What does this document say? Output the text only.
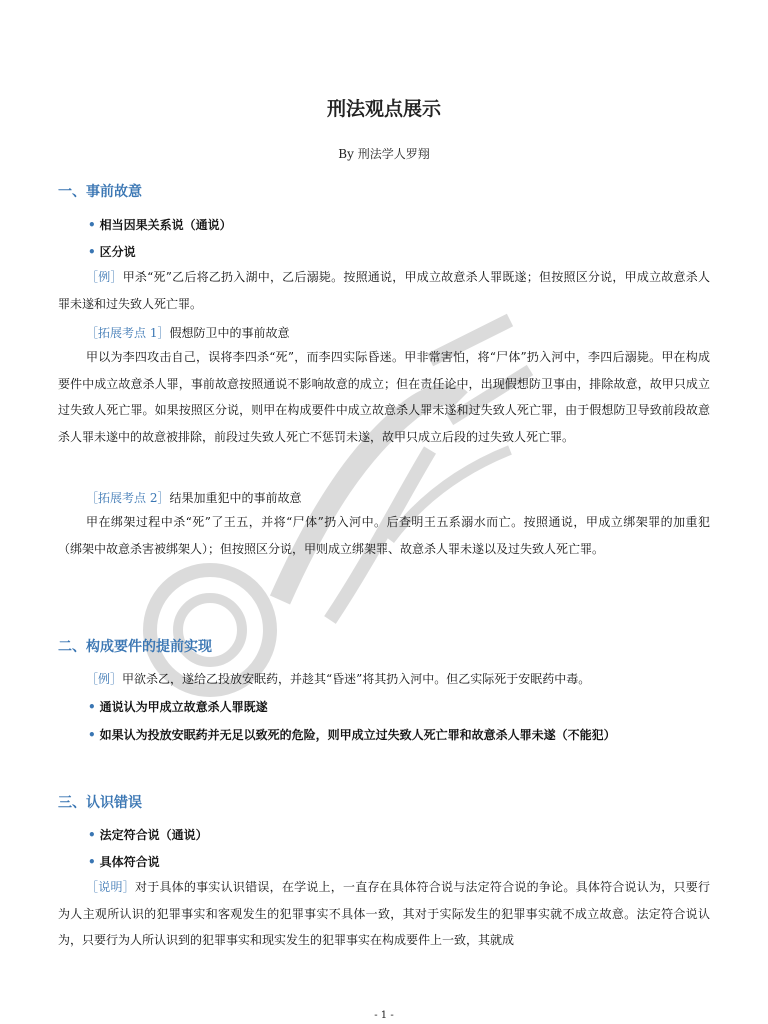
刑法观点展示
By 刑法学人罗翔
一、事前故意
• 相当因果关系说（通说）
• 区分说
［例］甲杀“死”乙后将乙扔入湖中，乙后溺毙。按照通说，甲成立故意杀人罪既遂；但按照区分说，甲成立故意杀人罪未遂和过失致人死亡罪。
［拓展考点 1］假想防卫中的事前故意
甲以为李四攻击自己，误将李四杀“死”，而李四实际昏迷。甲非常害怕，将“尸体”扔入河中，李四后溺毙。甲在构成要件中成立故意杀人罪，事前故意按照通说不影响故意的成立；但在责任论中，出现假想防卫事由，排除故意，故甲只成立过失致人死亡罪。如果按照区分说，则甲在构成要件中成立故意杀人罪未遂和过失致人死亡罪，由于假想防卫导致前段故意杀人罪未遂中的故意被排除，前段过失致人死亡不惩罚未遂，故甲只成立后段的过失致人死亡罪。
［拓展考点 2］结果加重犯中的事前故意
甲在绑架过程中杀“死”了王五，并将“尸体”扔入河中。后查明王五系溺水而亡。按照通说，甲成立绑架罪的加重犯（绑架中故意杀害被绑架人）；但按照区分说，甲则成立绑架罪、故意杀人罪未遂以及过失致人死亡罪。
二、构成要件的提前实现
［例］甲欲杀乙，遂给乙投放安眠药，并趁其“昏迷”将其扔入河中。但乙实际死于安眠药中毒。
• 通说认为甲成立故意杀人罪既遂
• 如果认为投放安眠药并无足以致死的危险，则甲成立过失致人死亡罪和故意杀人罪未遂（不能犯）
三、认识错误
• 法定符合说（通说）
• 具体符合说
［说明］对于具体的事实认识错误，在学说上，一直存在具体符合说与法定符合说的争论。具体符合说认为，只要行为人主观所认识的犯罪事实和客观发生的犯罪事实不具体一致，其对于实际发生的犯罪事实就不成立故意。法定符合说认为，只要行为人所认识到的犯罪事实和现实发生的犯罪事实在构成要件上一致，其就成
- 1 -
